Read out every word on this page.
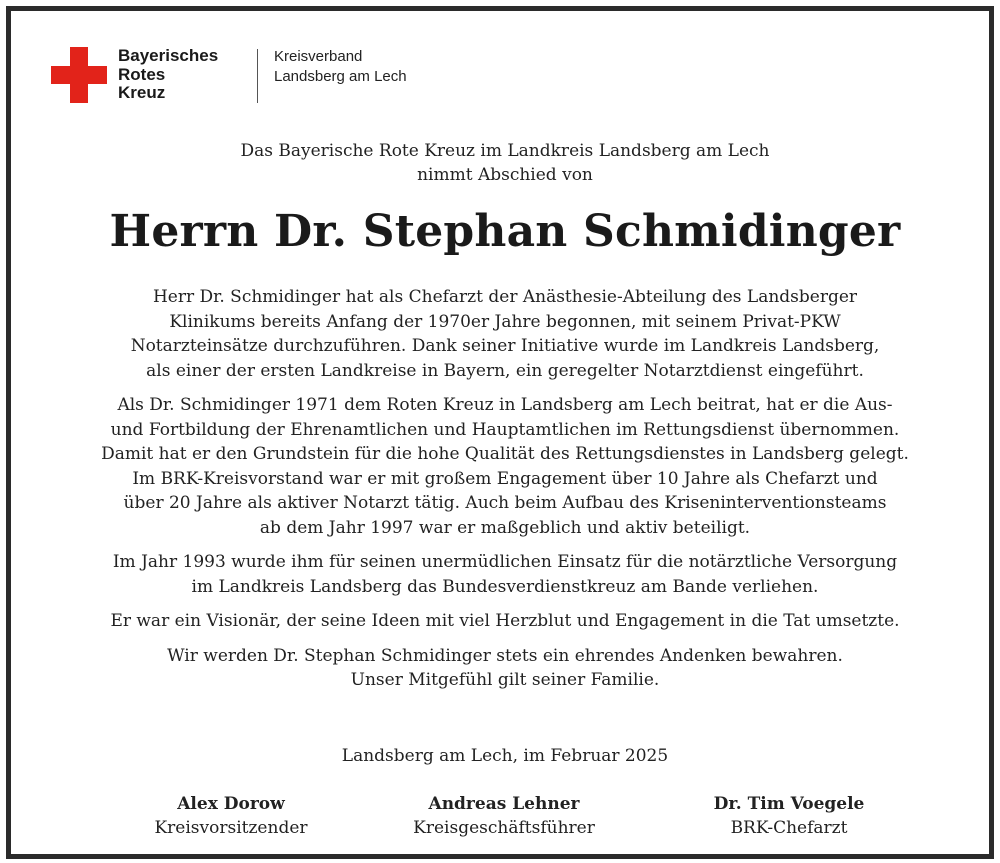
Bayerisches
Rotes
Kreuz
Kreisverband
Landsberg am Lech
Das Bayerische Rote Kreuz im Landkreis Landsberg am Lech
nimmt Abschied von
Herrn Dr. Stephan Schmidinger
Herr Dr. Schmidinger hat als Chefarzt der Anästhesie-Abteilung des Landsberger
Klinikums bereits Anfang der 1970er Jahre begonnen, mit seinem Privat-PKW
Notarzteinsätze durchzuführen. Dank seiner Initiative wurde im Landkreis Landsberg,
als einer der ersten Landkreise in Bayern, ein geregelter Notarztdienst eingeführt.
Als Dr. Schmidinger 1971 dem Roten Kreuz in Landsberg am Lech beitrat, hat er die Aus-
und Fortbildung der Ehrenamtlichen und Hauptamtlichen im Rettungsdienst übernommen.
Damit hat er den Grundstein für die hohe Qualität des Rettungsdienstes in Landsberg gelegt.
Im BRK-Kreisvorstand war er mit großem Engagement über 10 Jahre als Chefarzt und
über 20 Jahre als aktiver Notarzt tätig. Auch beim Aufbau des Kriseninterventionsteams
ab dem Jahr 1997 war er maßgeblich und aktiv beteiligt.
Im Jahr 1993 wurde ihm für seinen unermüdlichen Einsatz für die notärztliche Versorgung
im Landkreis Landsberg das Bundesverdienstkreuz am Bande verliehen.
Er war ein Visionär, der seine Ideen mit viel Herzblut und Engagement in die Tat umsetzte.
Wir werden Dr. Stephan Schmidinger stets ein ehrendes Andenken bewahren.
Unser Mitgefühl gilt seiner Familie.
Landsberg am Lech, im Februar 2025
Alex Dorow
Kreisvorsitzender
Andreas Lehner
Kreisgeschäftsführer
Dr. Tim Voegele
BRK-Chefarzt
